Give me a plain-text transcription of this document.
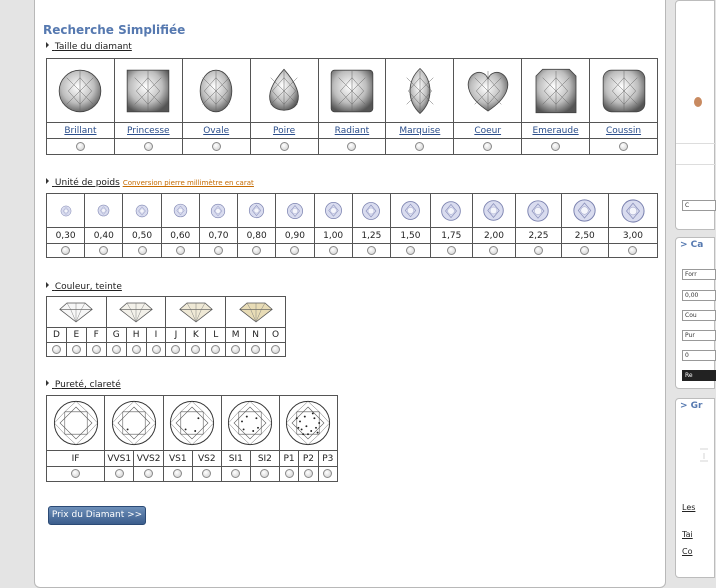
Recherche Simplifiée
Taille du diamant

Brillant	Princesse	Ovale	Poire	Radiant	Marquise	Coeur	Emeraude	Coussin

Unité de poids Conversion pierre millimètre en carat

0,30	0,40	0,50	0,60	0,70	0,80	0,90	1,00	1,25	1,50	1,75	2,00	2,25	2,50	3,00

Couleur, teinte

D	E	F	G	H	I	J	K	L	M	N	O

Pureté, clareté

IF	VVS1	VVS2	VS1	VS2	SI1	SI2	P1	P2	P3

Prix du Diamant >>
C
> Ca
Forr
0,00
Cou
Pur
0
Re
> Gr
Les
Tai
Co
